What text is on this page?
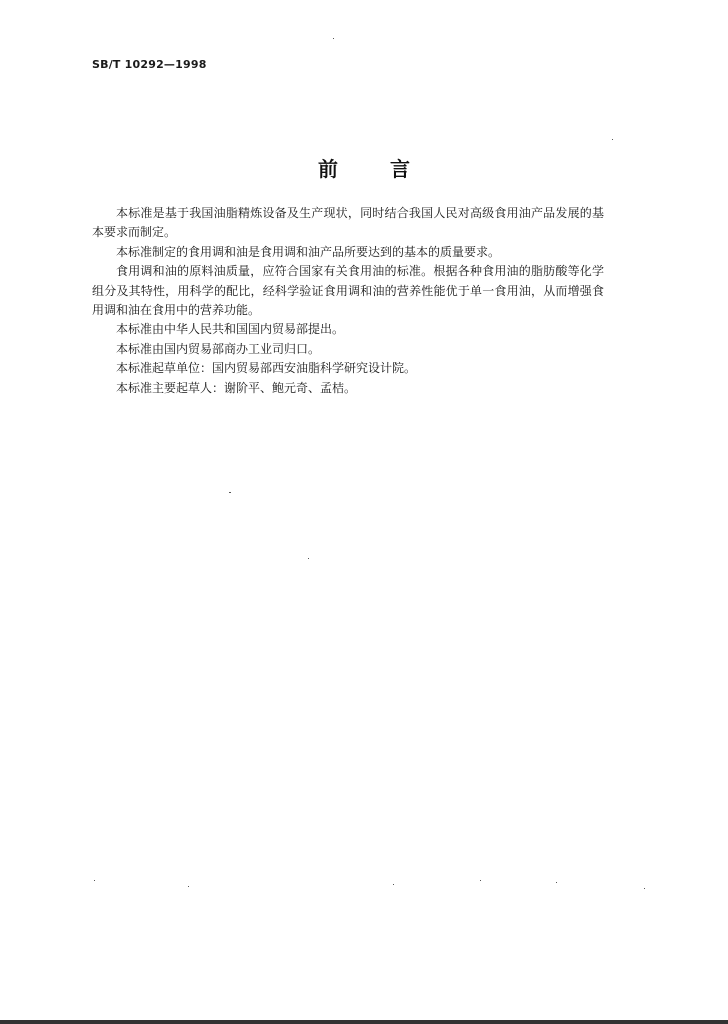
SB/T 10292—1998
前言

本标准是基于我国油脂精炼设备及生产现状，同时结合我国人民对高级食用油产品发展的基本要求而制定。

本标准制定的食用调和油是食用调和油产品所要达到的基本的质量要求。

食用调和油的原料油质量，应符合国家有关食用油的标准。根据各种食用油的脂肪酸等化学组分及其特性，用科学的配比，经科学验证食用调和油的营养性能优于单一食用油，从而增强食用调和油在食用中的营养功能。

本标准由中华人民共和国国内贸易部提出。

本标准由国内贸易部商办工业司归口。

本标准起草单位：国内贸易部西安油脂科学研究设计院。

本标准主要起草人：谢阶平、鲍元奇、孟桔。
